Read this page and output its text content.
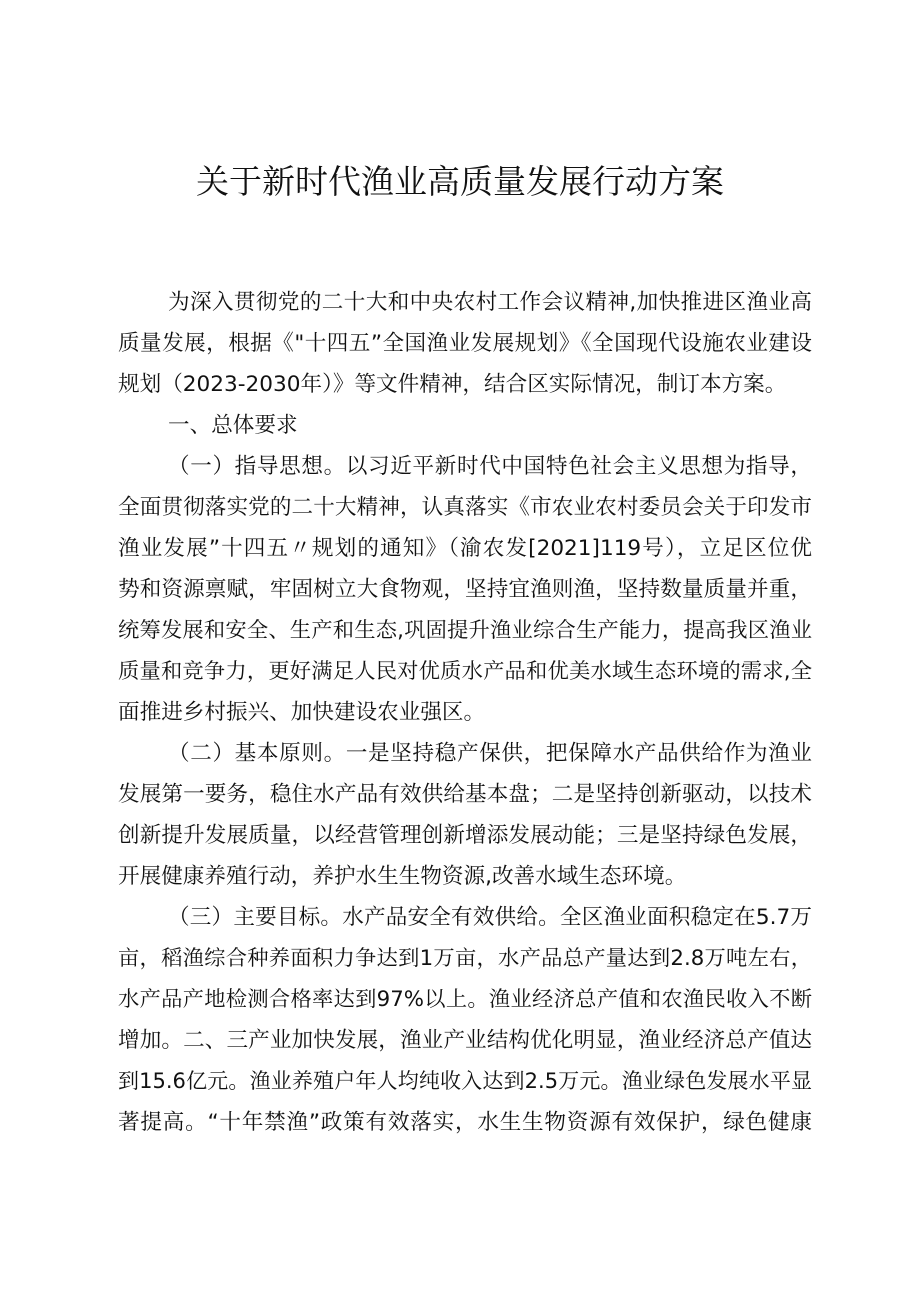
关于新时代渔业高质量发展行动方案
为深入贯彻党的二十大和中央农村工作会议精神,加快推进区渔业高
质量发展，根据《"十四五”全国渔业发展规划》《全国现代设施农业建设
规划（2023-2030年）》等文件精神，结合区实际情况，制订本方案。
一、总体要求
（一）指导思想。以习近平新时代中国特色社会主义思想为指导，
全面贯彻落实党的二十大精神，认真落实《市农业农村委员会关于印发市
渔业发展”十四五〃规划的通知》（渝农发[2021]119号），立足区位优
势和资源禀赋，牢固树立大食物观，坚持宜渔则渔，坚持数量质量并重，
统筹发展和安全、生产和生态,巩固提升渔业综合生产能力，提高我区渔业
质量和竞争力，更好满足人民对优质水产品和优美水域生态环境的需求,全
面推进乡村振兴、加快建设农业强区。
（二）基本原则。一是坚持稳产保供，把保障水产品供给作为渔业
发展第一要务，稳住水产品有效供给基本盘；二是坚持创新驱动，以技术
创新提升发展质量，以经营管理创新增添发展动能；三是坚持绿色发展，
开展健康养殖行动，养护水生生物资源,改善水域生态环境。
（三）主要目标。水产品安全有效供给。全区渔业面积稳定在5.7万
亩，稻渔综合种养面积力争达到1万亩，水产品总产量达到2.8万吨左右，
水产品产地检测合格率达到97%以上。渔业经济总产值和农渔民收入不断
增加。二、三产业加快发展，渔业产业结构优化明显，渔业经济总产值达
到15.6亿元。渔业养殖户年人均纯收入达到2.5万元。渔业绿色发展水平显
著提高。“十年禁渔”政策有效落实，水生生物资源有效保护，绿色健康
